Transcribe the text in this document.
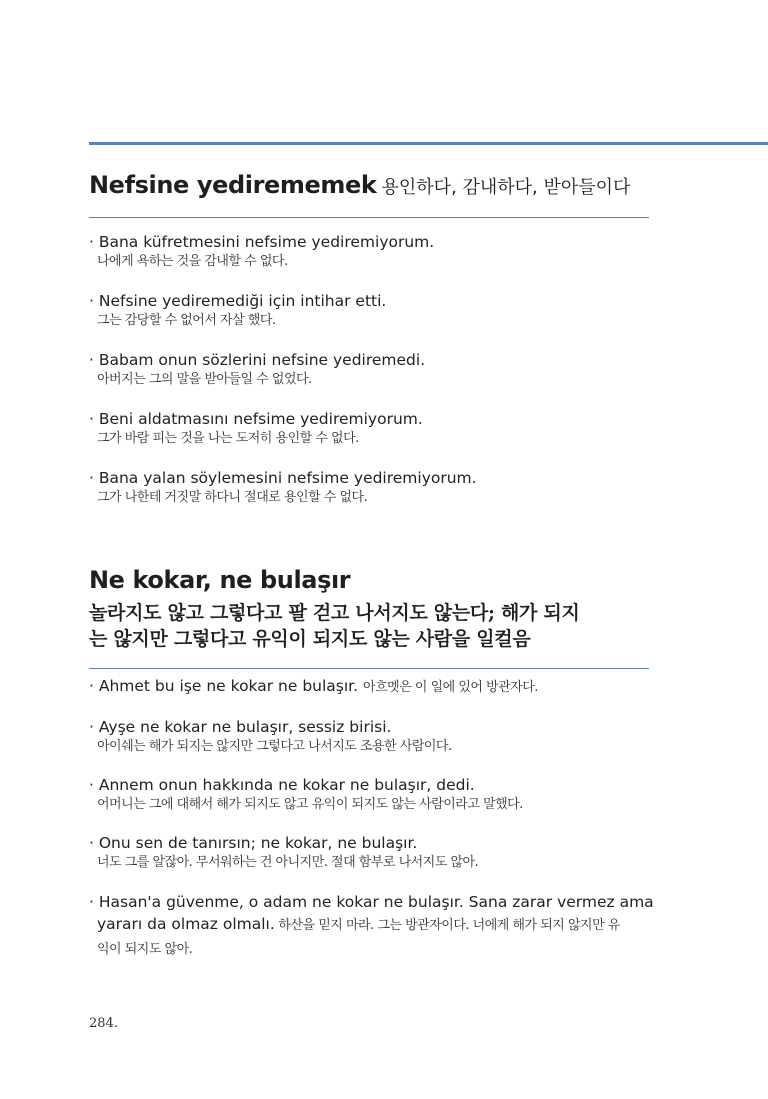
Nefsine yedirememek 용인하다, 감내하다, 받아들이다
· Bana küfretmesini nefsime yediremiyorum.
나에게 욕하는 것을 감내할 수 없다.
· Nefsine yediremediği için intihar etti.
그는 감당할 수 없어서 자살 했다.
· Babam onun sözlerini nefsine yediremedi.
아버지는 그의 말을 받아들일 수 없었다.
· Beni aldatmasını nefsime yediremiyorum.
그가 바람 피는 것을 나는 도저히 용인할 수 없다.
· Bana yalan söylemesini nefsime yediremiyorum.
그가 나한테 거짓말 하다니 절대로 용인할 수 없다.
Ne kokar, ne bulaşır
놀라지도 않고 그렇다고 팔 걷고 나서지도 않는다; 해가 되지
는 않지만 그렇다고 유익이 되지도 않는 사람을 일컬음
· Ahmet bu işe ne kokar ne bulaşır. 아흐멧은 이 일에 있어 방관자다.
· Ayşe ne kokar ne bulaşır, sessiz birisi.
아이쉐는 해가 되지는 않지만 그렇다고 나서지도 조용한 사람이다.
· Annem onun hakkında ne kokar ne bulaşır, dedi.
어머니는 그에 대해서 해가 되지도 않고 유익이 되지도 않는 사람이라고 말했다.
· Onu sen de tanırsın; ne kokar, ne bulaşır.
너도 그를 알잖아. 무서워하는 건 아니지만. 절대 함부로 나서지도 않아.
· Hasan'a güvenme, o adam ne kokar ne bulaşır. Sana zarar vermez ama
yararı da olmaz olmalı. 하산을 믿지 마라. 그는 방관자이다. 너에게 해가 되지 않지만 유
익이 되지도 않아.
284.
